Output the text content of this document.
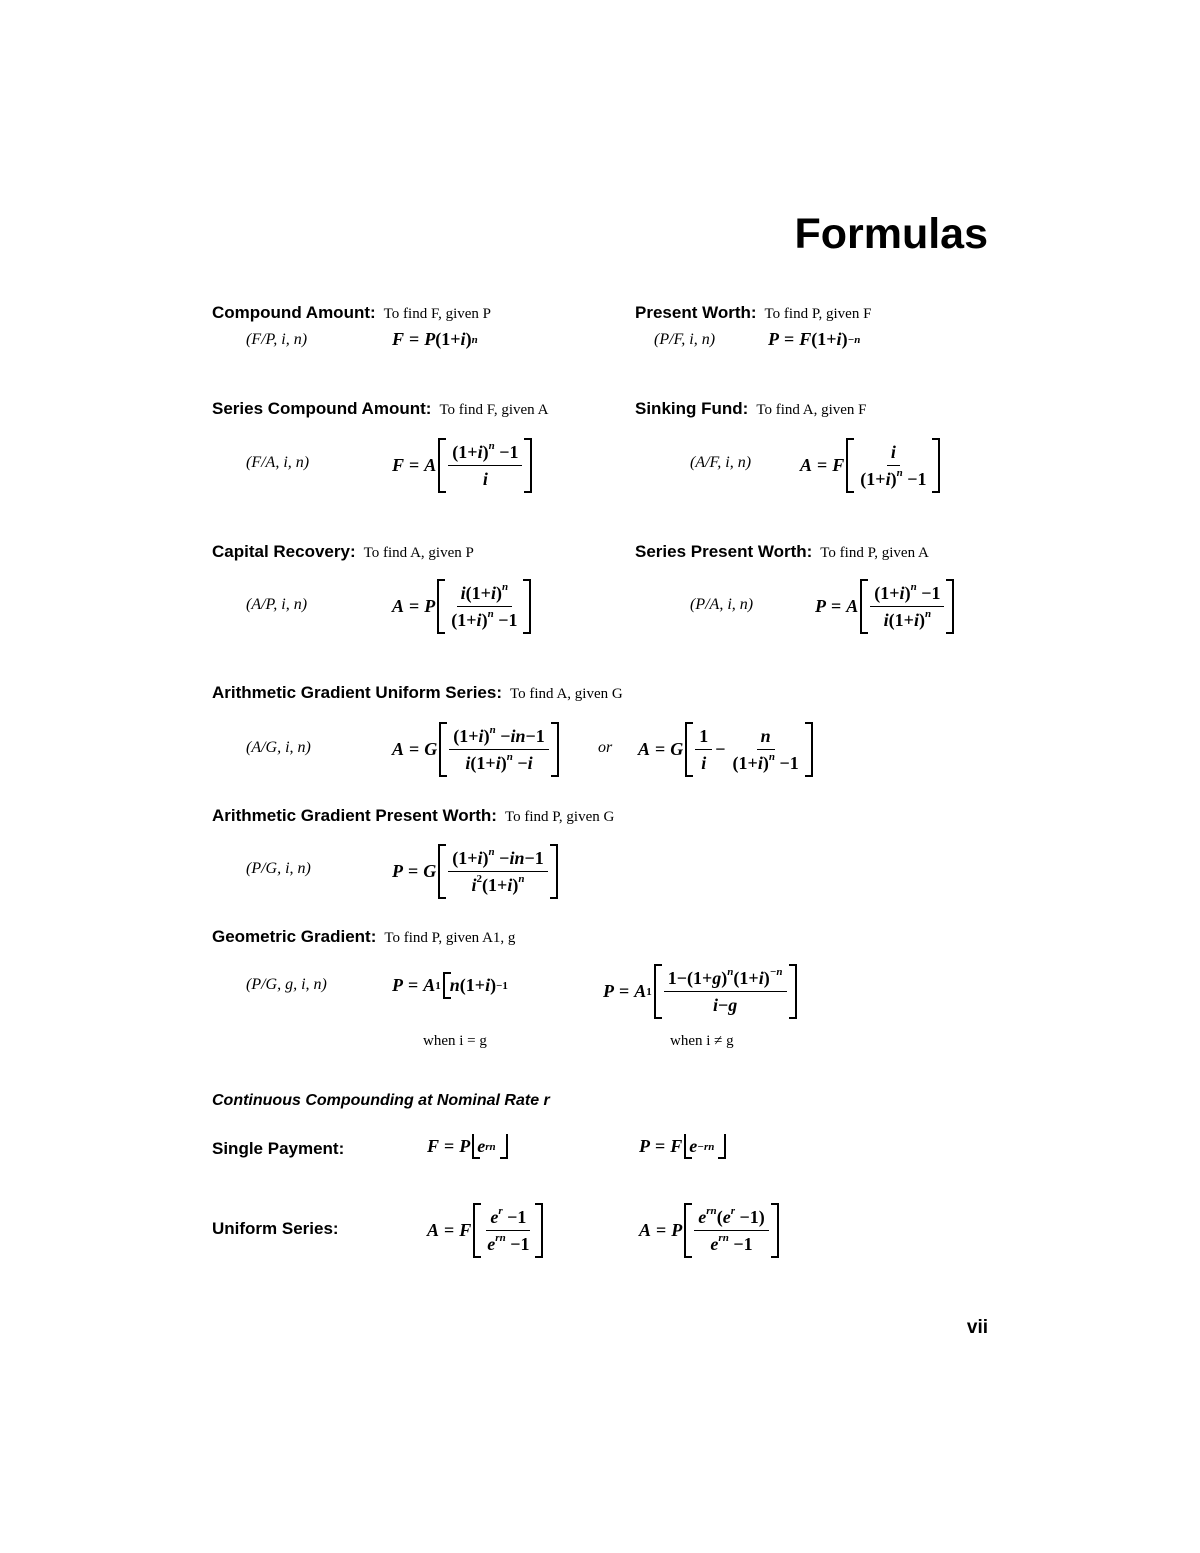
Formulas
Compound Amount: To find F, given P
(F/P, i, n)	F = P (1+ i ) n
Present Worth: To find P, given F
(P/F, i, n)	P = F (1+ i ) −n
Series Compound Amount: To find F, given A
(F/A, i, n)	F = A $\frac{(1+i)^n -1}{i}$
Sinking Fund: To find A, given F
(A/F, i, n)	A = F $\frac{i}{(1+i)^n -1}$
Capital Recovery: To find A, given P
(A/P, i, n)	A = P $\frac{i(1+i)^n}{(1+i)^n -1}$
Series Present Worth: To find P, given A
(P/A, i, n)	P = A $\frac{(1+i)^n -1}{i(1+i)^n}$
Arithmetic Gradient Uniform Series: To find A, given G
(A/G, i, n)	A = G $\frac{(1+i)^n -in-1}{i(1+i)^n -i}$	or A = G $\frac{1}{i} - \frac{n}{(1+i)^n -1}$
Arithmetic Gradient Present Worth: To find P, given G
(P/G, i, n)	P = G $\frac{(1+i)^n -in-1}{i^2(1+i)^n}$
Geometric Gradient: To find P, given A1, g
(P/G, g, i, n)	P = A 1 n (1+ i ) −1	P = A $1 \frac{1-(1+g)^n(1+i)^{-n}}{i-g}$
when i = g	when i ≠ g
Continuous Compounding at Nominal Rate r
Single Payment:	F = P e rn	P = F e −rn
Uniform Series:	A = F $\frac{e^r -1}{e^{rn} -1}$	A = P $\frac{e^{rn}(e^r -1)}{e^{rn} -1}$
vii
